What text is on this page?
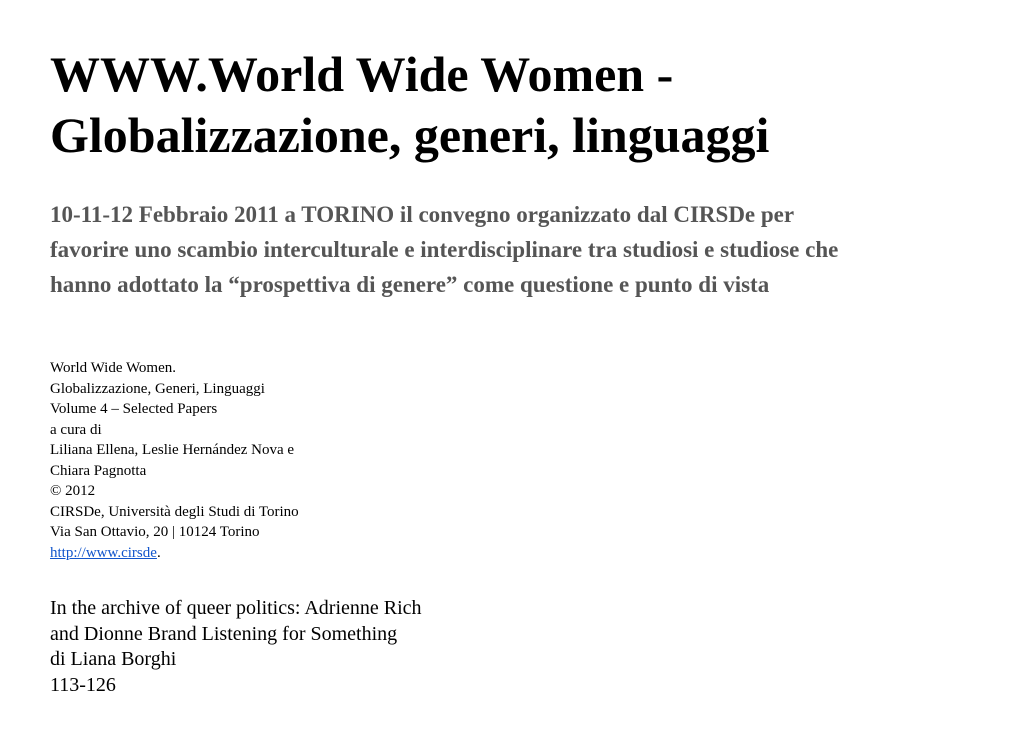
WWW.World Wide Women -
Globalizzazione, generi, linguaggi

10-11-12 Febbraio 2011 a TORINO il convegno organizzato dal CIRSDe per
favorire uno scambio interculturale e interdisciplinare tra studiosi e studiose che
hanno adottato la “prospettiva di genere” come questione e punto di vista

World Wide Women.
Globalizzazione, Generi, Linguaggi
Volume 4 – Selected Papers
a cura di
Liliana Ellena, Leslie Hernández Nova e
Chiara Pagnotta
© 2012
CIRSDe, Università degli Studi di Torino
Via San Ottavio, 20 | 10124 Torino
http://www.cirsde.
In the archive of queer politics: Adrienne Rich
and Dionne Brand Listening for Something
di Liana Borghi
113-126
